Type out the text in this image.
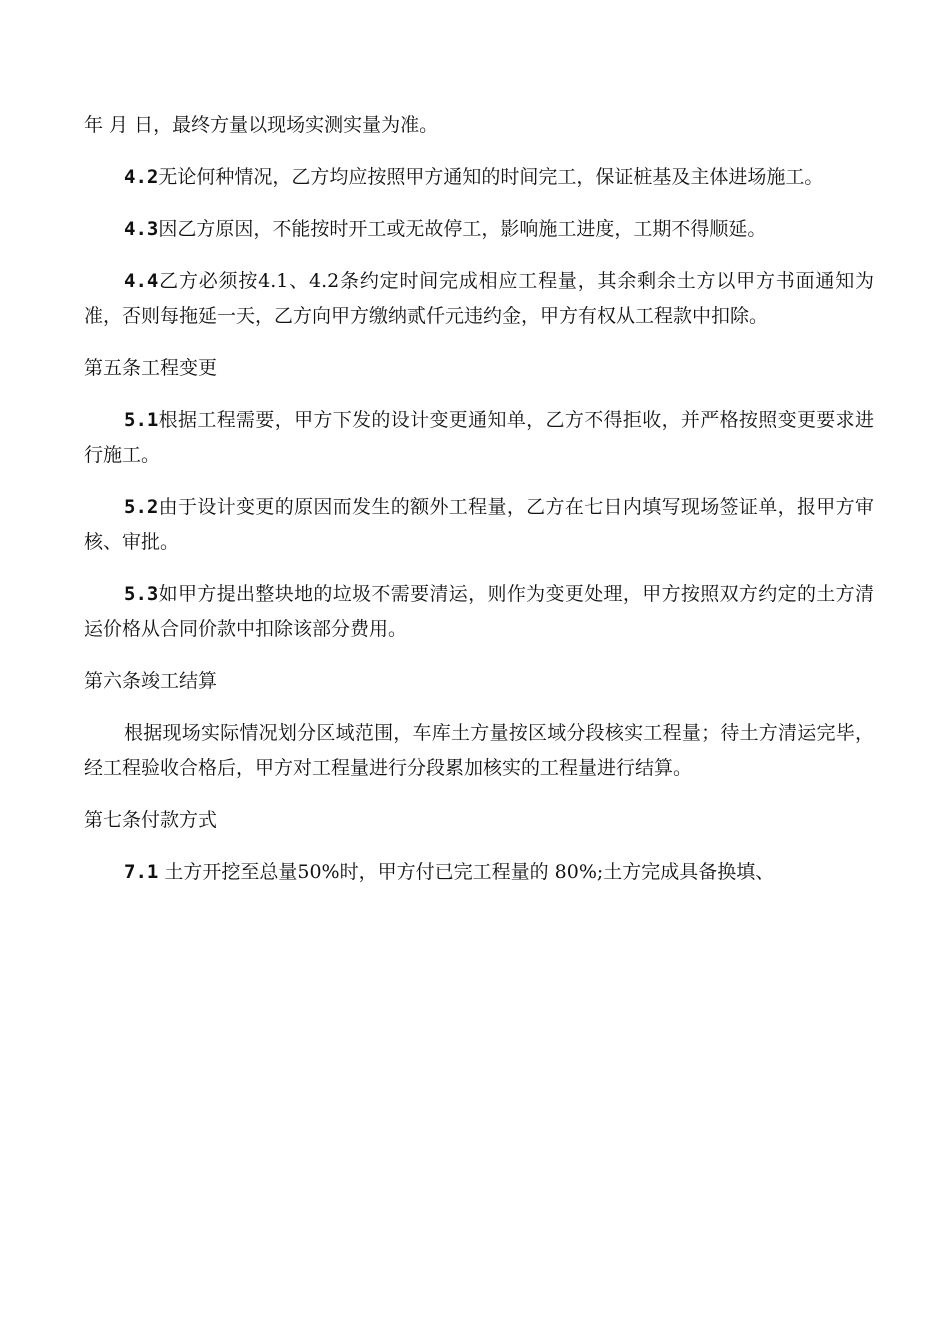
年 月 日，最终方量以现场实测实量为准。

4.2无论何种情况，乙方均应按照甲方通知的时间完工，保证桩基及主体进场施工。

4.3因乙方原因，不能按时开工或无故停工，影响施工进度，工期不得顺延。

4.4乙方必须按4.1、4.2条约定时间完成相应工程量，其余剩余土方以甲方书面通知为准，否则每拖延一天，乙方向甲方缴纳贰仟元违约金，甲方有权从工程款中扣除。

第五条工程变更

5.1根据工程需要，甲方下发的设计变更通知单，乙方不得拒收，并严格按照变更要求进行施工。

5.2由于设计变更的原因而发生的额外工程量，乙方在七日内填写现场签证单，报甲方审核、审批。

5.3如甲方提出整块地的垃圾不需要清运，则作为变更处理，甲方按照双方约定的土方清运价格从合同价款中扣除该部分费用。

第六条竣工结算

根据现场实际情况划分区域范围，车库土方量按区域分段核实工程量；待土方清运完毕，经工程验收合格后，甲方对工程量进行分段累加核实的工程量进行结算。

第七条付款方式

7.1 土方开挖至总量50%时，甲方付已完工程量的 80%;土方完成具备换填、
